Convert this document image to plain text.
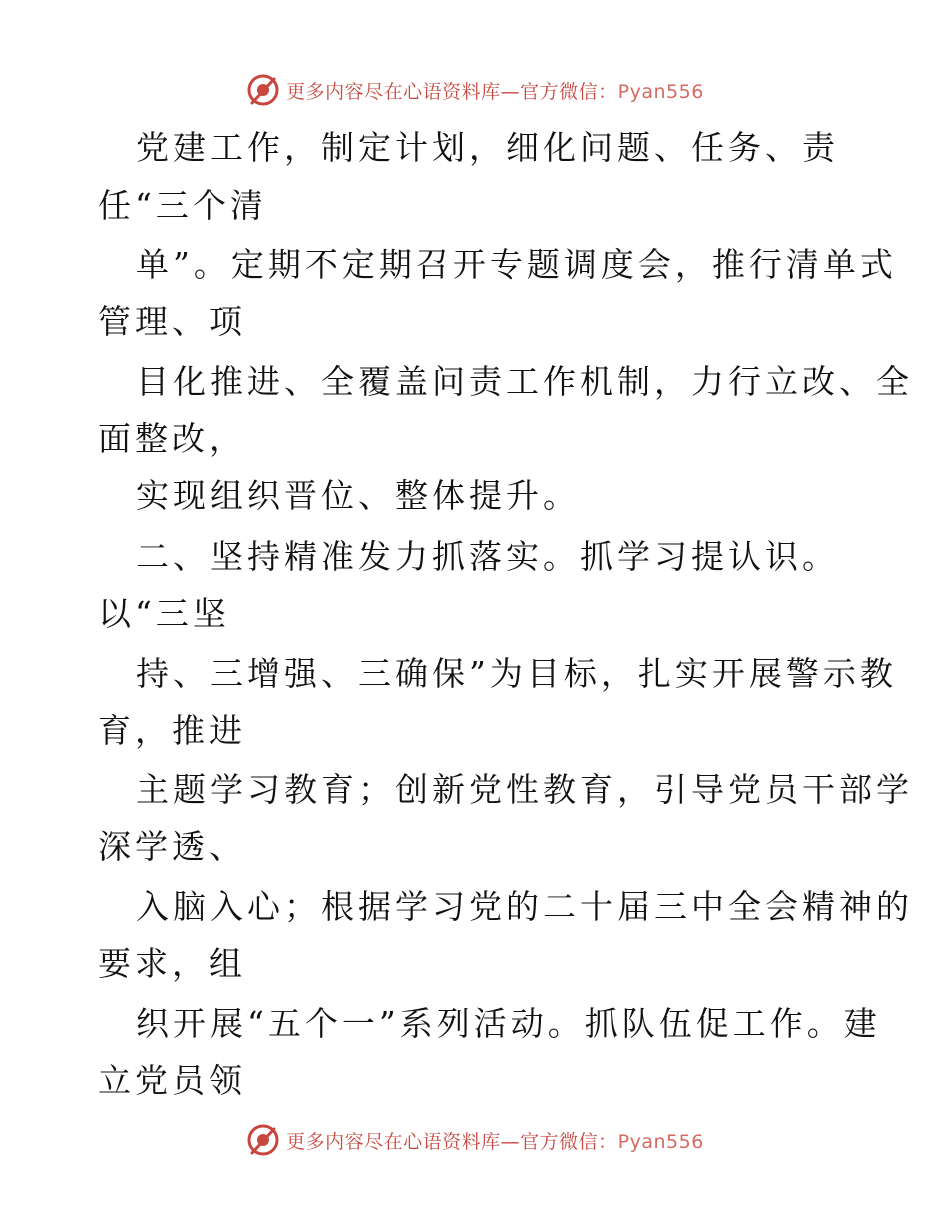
更多内容尽在心语资料库—官方微信：Pyan556

党建工作，制定计划，细化问题、任务、责

任“三个清

单”。定期不定期召开专题调度会，推行清单式

管理、项

目化推进、全覆盖问责工作机制，力行立改、全

面整改，

实现组织晋位、整体提升。

二、坚持精准发力抓落实。抓学习提认识。

以“三坚

持、三增强、三确保”为目标，扎实开展警示教

育，推进

主题学习教育；创新党性教育，引导党员干部学

深学透、

入脑入心；根据学习党的二十届三中全会精神的

要求，组

织开展“五个一”系列活动。抓队伍促工作。建

立党员领

更多内容尽在心语资料库—官方微信：Pyan556
